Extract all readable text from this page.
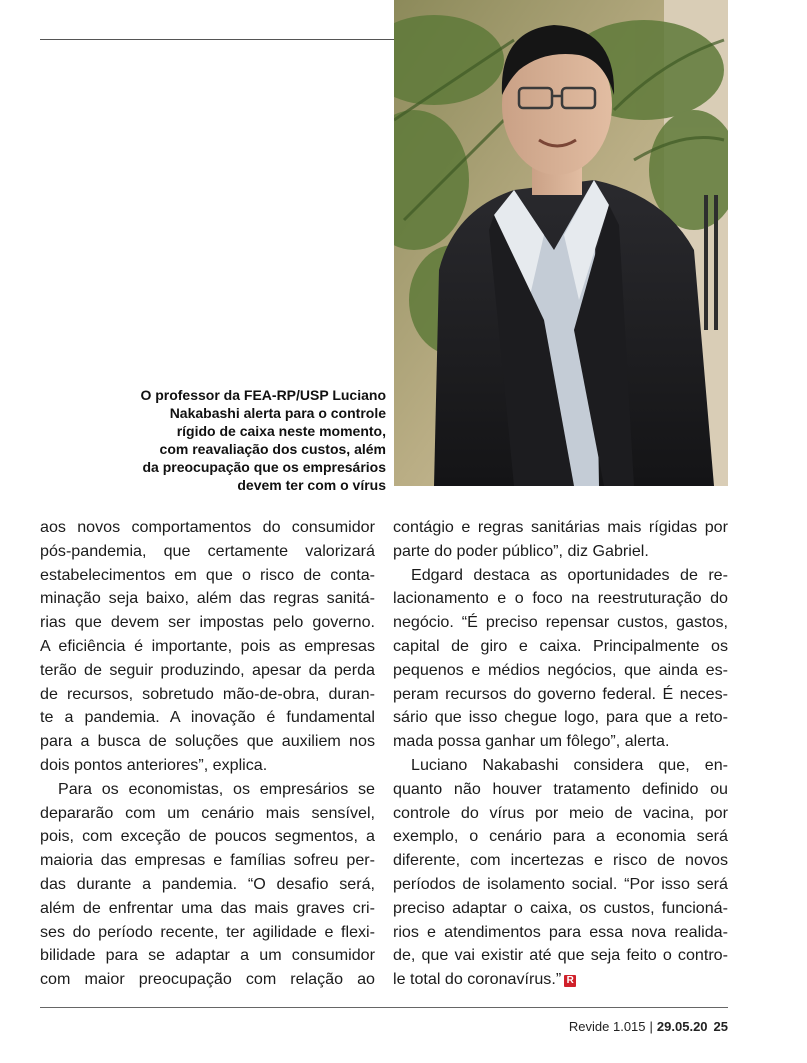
O professor da FEA-RP/USP Luciano
Nakabashi alerta para o controle
rígido de caixa neste momento,
com reavaliação dos custos, além
da preocupação que os empresários
devem ter com o vírus
aos novos comportamentos do consumidor
pós-pandemia, que certamente valorizará
estabelecimentos em que o risco de conta-
minação seja baixo, além das regras sanitá-
rias que devem ser impostas pelo governo.
A eficiência é importante, pois as empresas
terão de seguir produzindo, apesar da perda
de recursos, sobretudo mão-de-obra, duran-
te a pandemia. A inovação é fundamental
para a busca de soluções que auxiliem nos
dois pontos anteriores”, explica.
Para os economistas, os empresários se
depararão com um cenário mais sensível,
pois, com exceção de poucos segmentos, a
maioria das empresas e famílias sofreu per-
das durante a pandemia. “O desafio será,
além de enfrentar uma das mais graves cri-
ses do período recente, ter agilidade e flexi-
bilidade para se adaptar a um consumidor
com maior preocupação com relação ao
contágio e regras sanitárias mais rígidas por
parte do poder público”, diz Gabriel.
Edgard destaca as oportunidades de re-
lacionamento e o foco na reestruturação do
negócio. “É preciso repensar custos, gastos,
capital de giro e caixa. Principalmente os
pequenos e médios negócios, que ainda es-
peram recursos do governo federal. É neces-
sário que isso chegue logo, para que a reto-
mada possa ganhar um fôlego”, alerta.
Luciano Nakabashi considera que, en-
quanto não houver tratamento definido ou
controle do vírus por meio de vacina, por
exemplo, o cenário para a economia será
diferente, com incertezas e risco de novos
períodos de isolamento social. “Por isso será
preciso adaptar o caixa, os custos, funcioná-
rios e atendimentos para essa nova realida-
de, que vai existir até que seja feito o contro-
le total do coronavírus.” R
Revide 1.015 | 29.05.20 25
